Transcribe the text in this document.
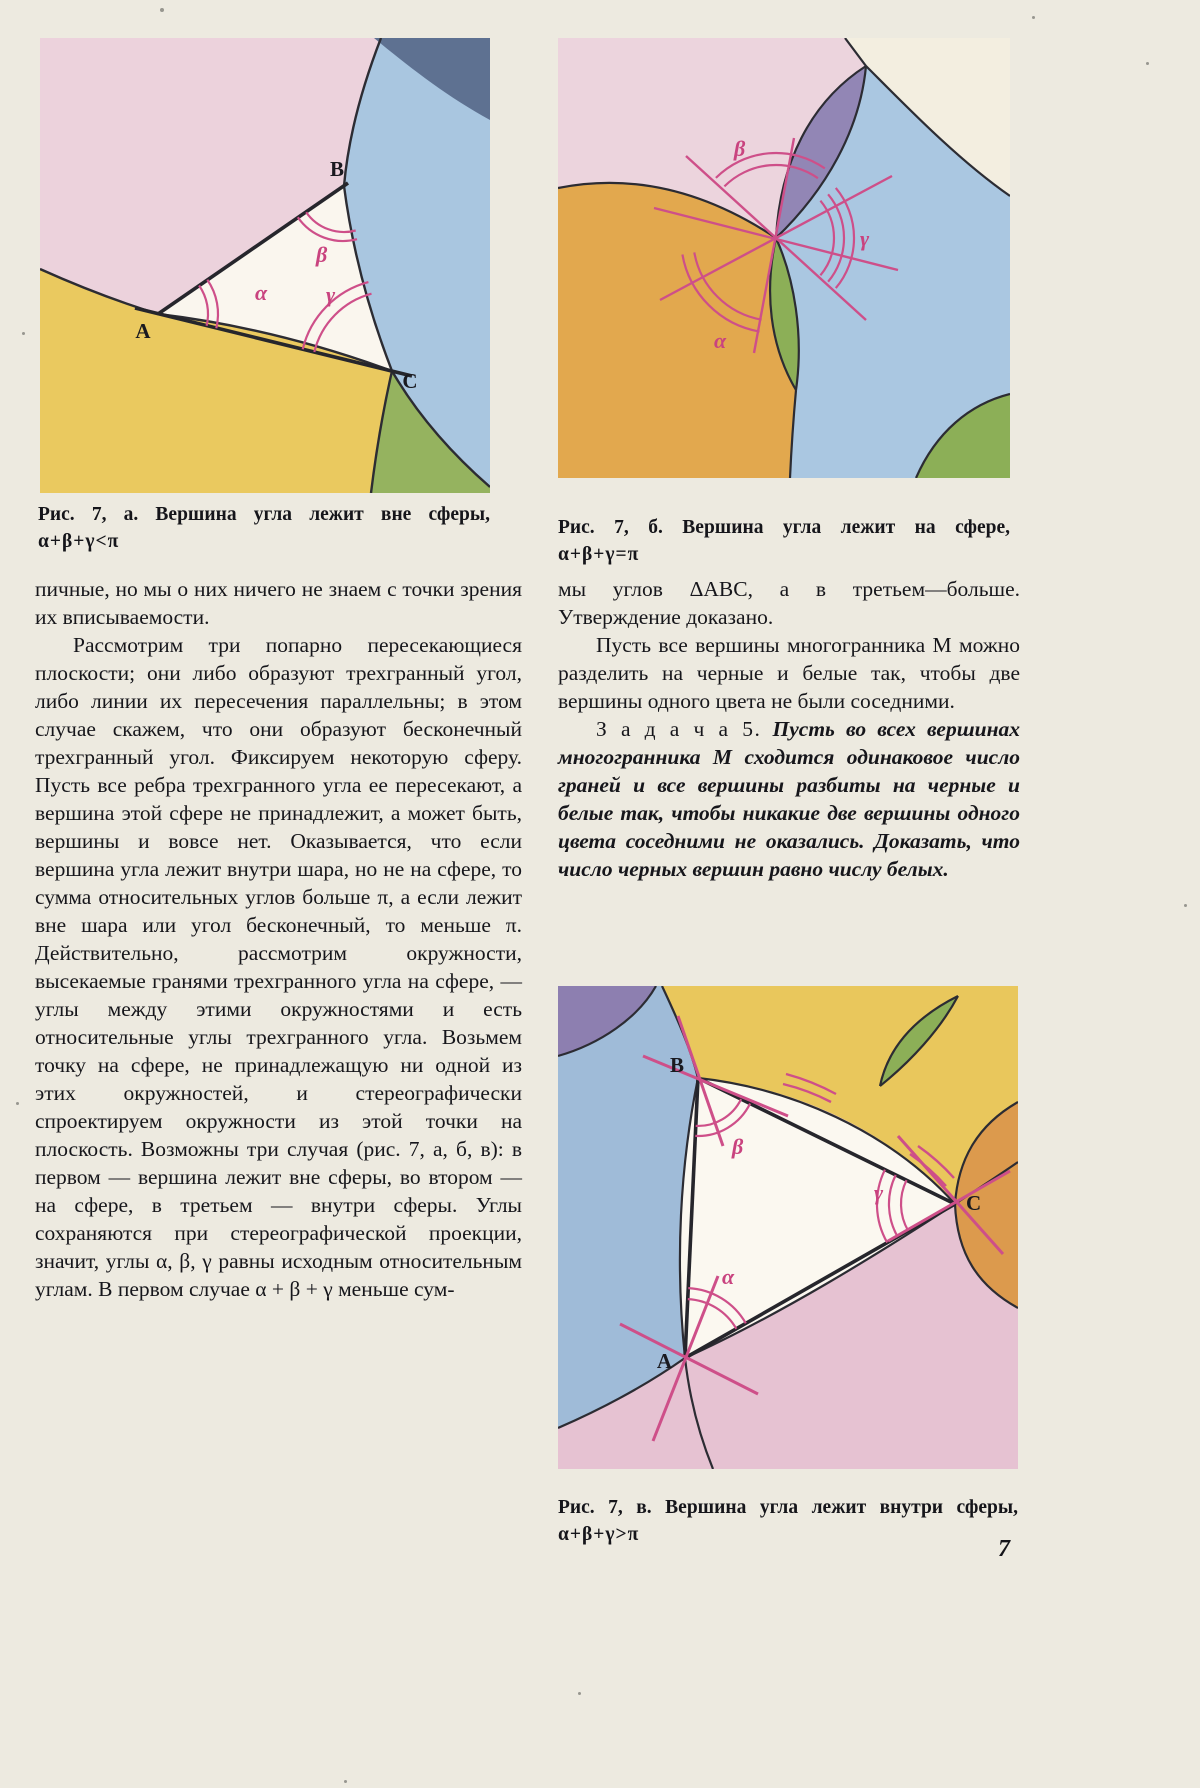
α
β
γ
A
B
C
Рис. 7, а. Вершина угла лежит вне сферы,
α+β+γ<π
β
γ
α
Рис. 7, б. Вершина угла лежит на сфере,
α+β+γ=π

пичные, но мы о них ничего не знаем с точки зрения их вписываемости.

Рассмотрим три попарно пересекающиеся плоскости; они либо образуют трехгранный угол, либо линии их пересечения параллельны; в этом случае скажем, что они образуют бесконечный трехгранный угол. Фиксируем некоторую сферу. Пусть все ребра трехгранного угла ее пересекают, а вершина этой сфере не принадлежит, а может быть, вершины и вовсе нет. Оказывается, что если вершина угла лежит внутри шара, но не на сфере, то сумма относительных углов больше π, а если лежит вне шара или угол бесконечный, то меньше π. Действительно, рассмотрим окружности, высекаемые гранями трехгранного угла на сфере, — углы между этими окружностями и есть относительные углы трехгранного угла. Возьмем точку на сфере, не принадлежащую ни одной из этих окружностей, и стереографически спроектируем окружности из этой точки на плоскость. Возможны три случая (рис. 7, а, б, в): в первом — вершина лежит вне сферы, во втором — на сфере, в третьем — внутри сферы. Углы сохраняются при стереографической проекции, значит, углы α, β, γ равны исходным относительным углам. В первом случае α + β + γ меньше сум-

мы углов ΔABC, а в третьем—больше. Утверждение доказано.

Пусть все вершины многогранника М можно разделить на черные и белые так, чтобы две вершины одного цвета не были соседними.

З а д а ч а 5. Пусть во всех вершинах многогранника М сходится одинаковое число граней и все вершины разбиты на черные и белые так, чтобы никакие две вершины одного цвета соседними не оказались. Доказать, что число черных вершин равно числу белых.

β
γ
α
B
C
A
Рис. 7, в. Вершина угла лежит внутри сферы,
α+β+γ>π
7
